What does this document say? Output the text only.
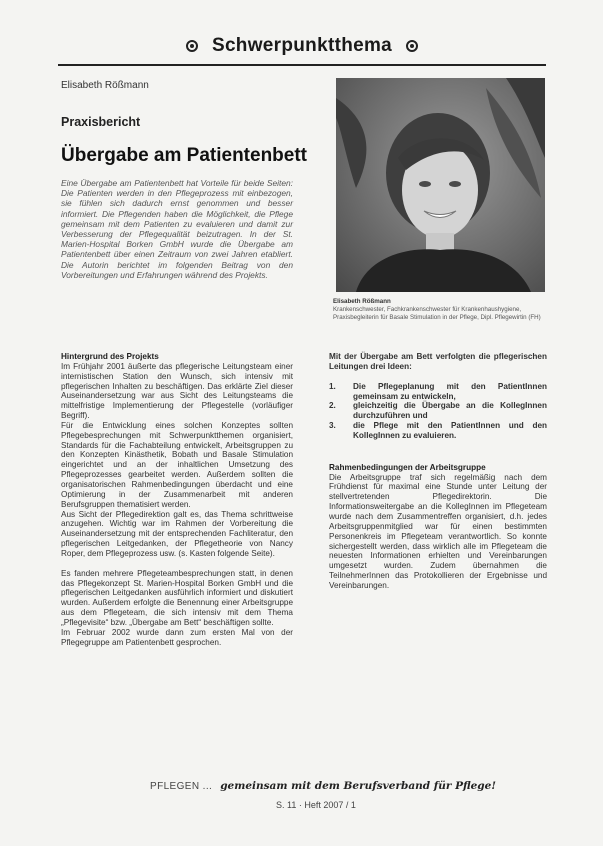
Schwerpunktthema
Elisabeth Rößmann
Praxisbericht
Übergabe am Patientenbett
Eine Übergabe am Patientenbett hat Vorteile für beide Seiten: Die Patienten werden in den Pflegeprozess mit einbezogen, sie fühlen sich dadurch ernst genommen und besser informiert. Die Pflegenden haben die Möglichkeit, die Pflege gemeinsam mit dem Patienten zu evaluieren und damit zur Verbesserung der Pflegequalität beizutragen. In der St. Marien-Hospital Borken GmbH wurde die Übergabe am Patientenbett über einen Zeitraum von zwei Jahren etabliert. Die Autorin berichtet im folgenden Beitrag von den Vorbereitungen und Erfahrungen während des Projekts.
Elisabeth Rößmann
Krankenschwester, Fachkrankenschwester für Krankenhaushygiene, Praxisbegleiterin für Basale Stimulation in der Pflege, Dipl. Pflegewirtin (FH)

Hintergrund des Projekts

Im Frühjahr 2001 äußerte das pflegerische Leitungsteam einer internistischen Station den Wunsch, sich intensiv mit pflegerischen Inhalten zu beschäftigen. Das erklärte Ziel dieser Auseinandersetzung war aus Sicht des Leitungsteams die mittelfristige Implementierung der Pflegestelle (vorläufiger Begriff).

Für die Entwicklung eines solchen Konzeptes sollten Pflegebesprechungen mit Schwerpunktthemen organisiert, Standards für die Fachabteilung entwickelt, Arbeitsgruppen zu den Konzepten Kinästhetik, Bobath und Basale Stimulation eingerichtet und an der inhaltlichen Umsetzung des Pflegeprozesses gearbeitet werden. Außerdem sollten die organisatorischen Rahmenbedingungen überdacht und eine Optimierung in der Zusammenarbeit mit anderen Berufsgruppen thematisiert werden.

Aus Sicht der Pflegedirektion galt es, das Thema schrittweise anzugehen. Wichtig war im Rahmen der Vorbereitung die Auseinandersetzung mit der entsprechenden Fachliteratur, den pflegerischen Leitgedanken, der Pflegetheorie von Nancy Roper, dem Pflegeprozess usw. (s. Kasten folgende Seite).

Es fanden mehrere Pflegeteambesprechungen statt, in denen das Pflegekonzept St. Marien-Hospital Borken GmbH und die pflegerischen Leitgedanken ausführlich informiert und diskutiert wurden. Außerdem erfolgte die Benennung einer Arbeitsgruppe aus dem Pflegeteam, die sich intensiv mit dem Thema „Pflegevisite“ bzw. „Übergabe am Bett“ beschäftigen sollte.

Im Februar 2002 wurde dann zum ersten Mal von der Pflegegruppe am Patientenbett gesprochen.

Mit der Übergabe am Bett verfolgten die pflegerischen Leitungen drei Ideen:

1.	Die Pflegeplanung mit den PatientInnen gemeinsam zu entwickeln,
2.	gleichzeitig die Übergabe an die KollegInnen durchzuführen und
3.	die Pflege mit den PatientInnen und den KollegInnen zu evaluieren.

Rahmenbedingungen der Arbeitsgruppe

Die Arbeitsgruppe traf sich regelmäßig nach dem Frühdienst für maximal eine Stunde unter Leitung der stellvertretenden Pflegedirektorin. Die Informationsweitergabe an die KollegInnen im Pflegeteam wurde nach dem Zusammentreffen organisiert, d.h. jedes Arbeitsgruppenmitglied war für einen bestimmten Personenkreis im Pflegeteam verantwortlich. So konnte sichergestellt werden, dass wirklich alle im Pflegeteam die neuesten Informationen erhielten und Vereinbarungen umgesetzt wurden. Zudem übernahmen die TeilnehmerInnen das Protokollieren der Ergebnisse und Vereinbarungen.

PFLEGEN ... gemeinsam mit dem Berufsverband für Pflege!
S. 11 · Heft 2007 / 1
